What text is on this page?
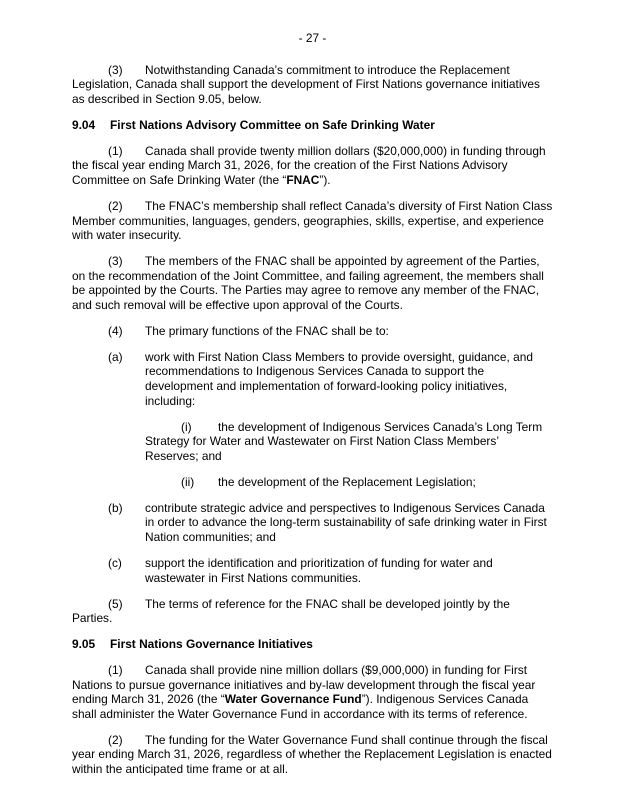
- 27 -

(3) Notwithstanding Canada’s commitment to introduce the Replacement Legislation, Canada shall support the development of First Nations governance initiatives as described in Section 9.05, below.

9.04 First Nations Advisory Committee on Safe Drinking Water

(1) Canada shall provide twenty million dollars ($20,000,000) in funding through the fiscal year ending March 31, 2026, for the creation of the First Nations Advisory Committee on Safe Drinking Water (the “FNAC”).

(2) The FNAC’s membership shall reflect Canada’s diversity of First Nation Class Member communities, languages, genders, geographies, skills, expertise, and experience with water insecurity.

(3) The members of the FNAC shall be appointed by agreement of the Parties, on the recommendation of the Joint Committee, and failing agreement, the members shall be appointed by the Courts. The Parties may agree to remove any member of the FNAC, and such removal will be effective upon approval of the Courts.

(4) The primary functions of the FNAC shall be to:

(a) work with First Nation Class Members to provide oversight, guidance, and recommendations to Indigenous Services Canada to support the development and implementation of forward-looking policy initiatives, including:

(i) the development of Indigenous Services Canada’s Long Term Strategy for Water and Wastewater on First Nation Class Members’ Reserves; and

(ii) the development of the Replacement Legislation;

(b) contribute strategic advice and perspectives to Indigenous Services Canada in order to advance the long-term sustainability of safe drinking water in First Nation communities; and

(c) support the identification and prioritization of funding for water and wastewater in First Nations communities.

(5) The terms of reference for the FNAC shall be developed jointly by the Parties.

9.05 First Nations Governance Initiatives

(1) Canada shall provide nine million dollars ($9,000,000) in funding for First Nations to pursue governance initiatives and by-law development through the fiscal year ending March 31, 2026 (the “Water Governance Fund”). Indigenous Services Canada shall administer the Water Governance Fund in accordance with its terms of reference.

(2) The funding for the Water Governance Fund shall continue through the fiscal year ending March 31, 2026, regardless of whether the Replacement Legislation is enacted within the anticipated time frame or at all.
